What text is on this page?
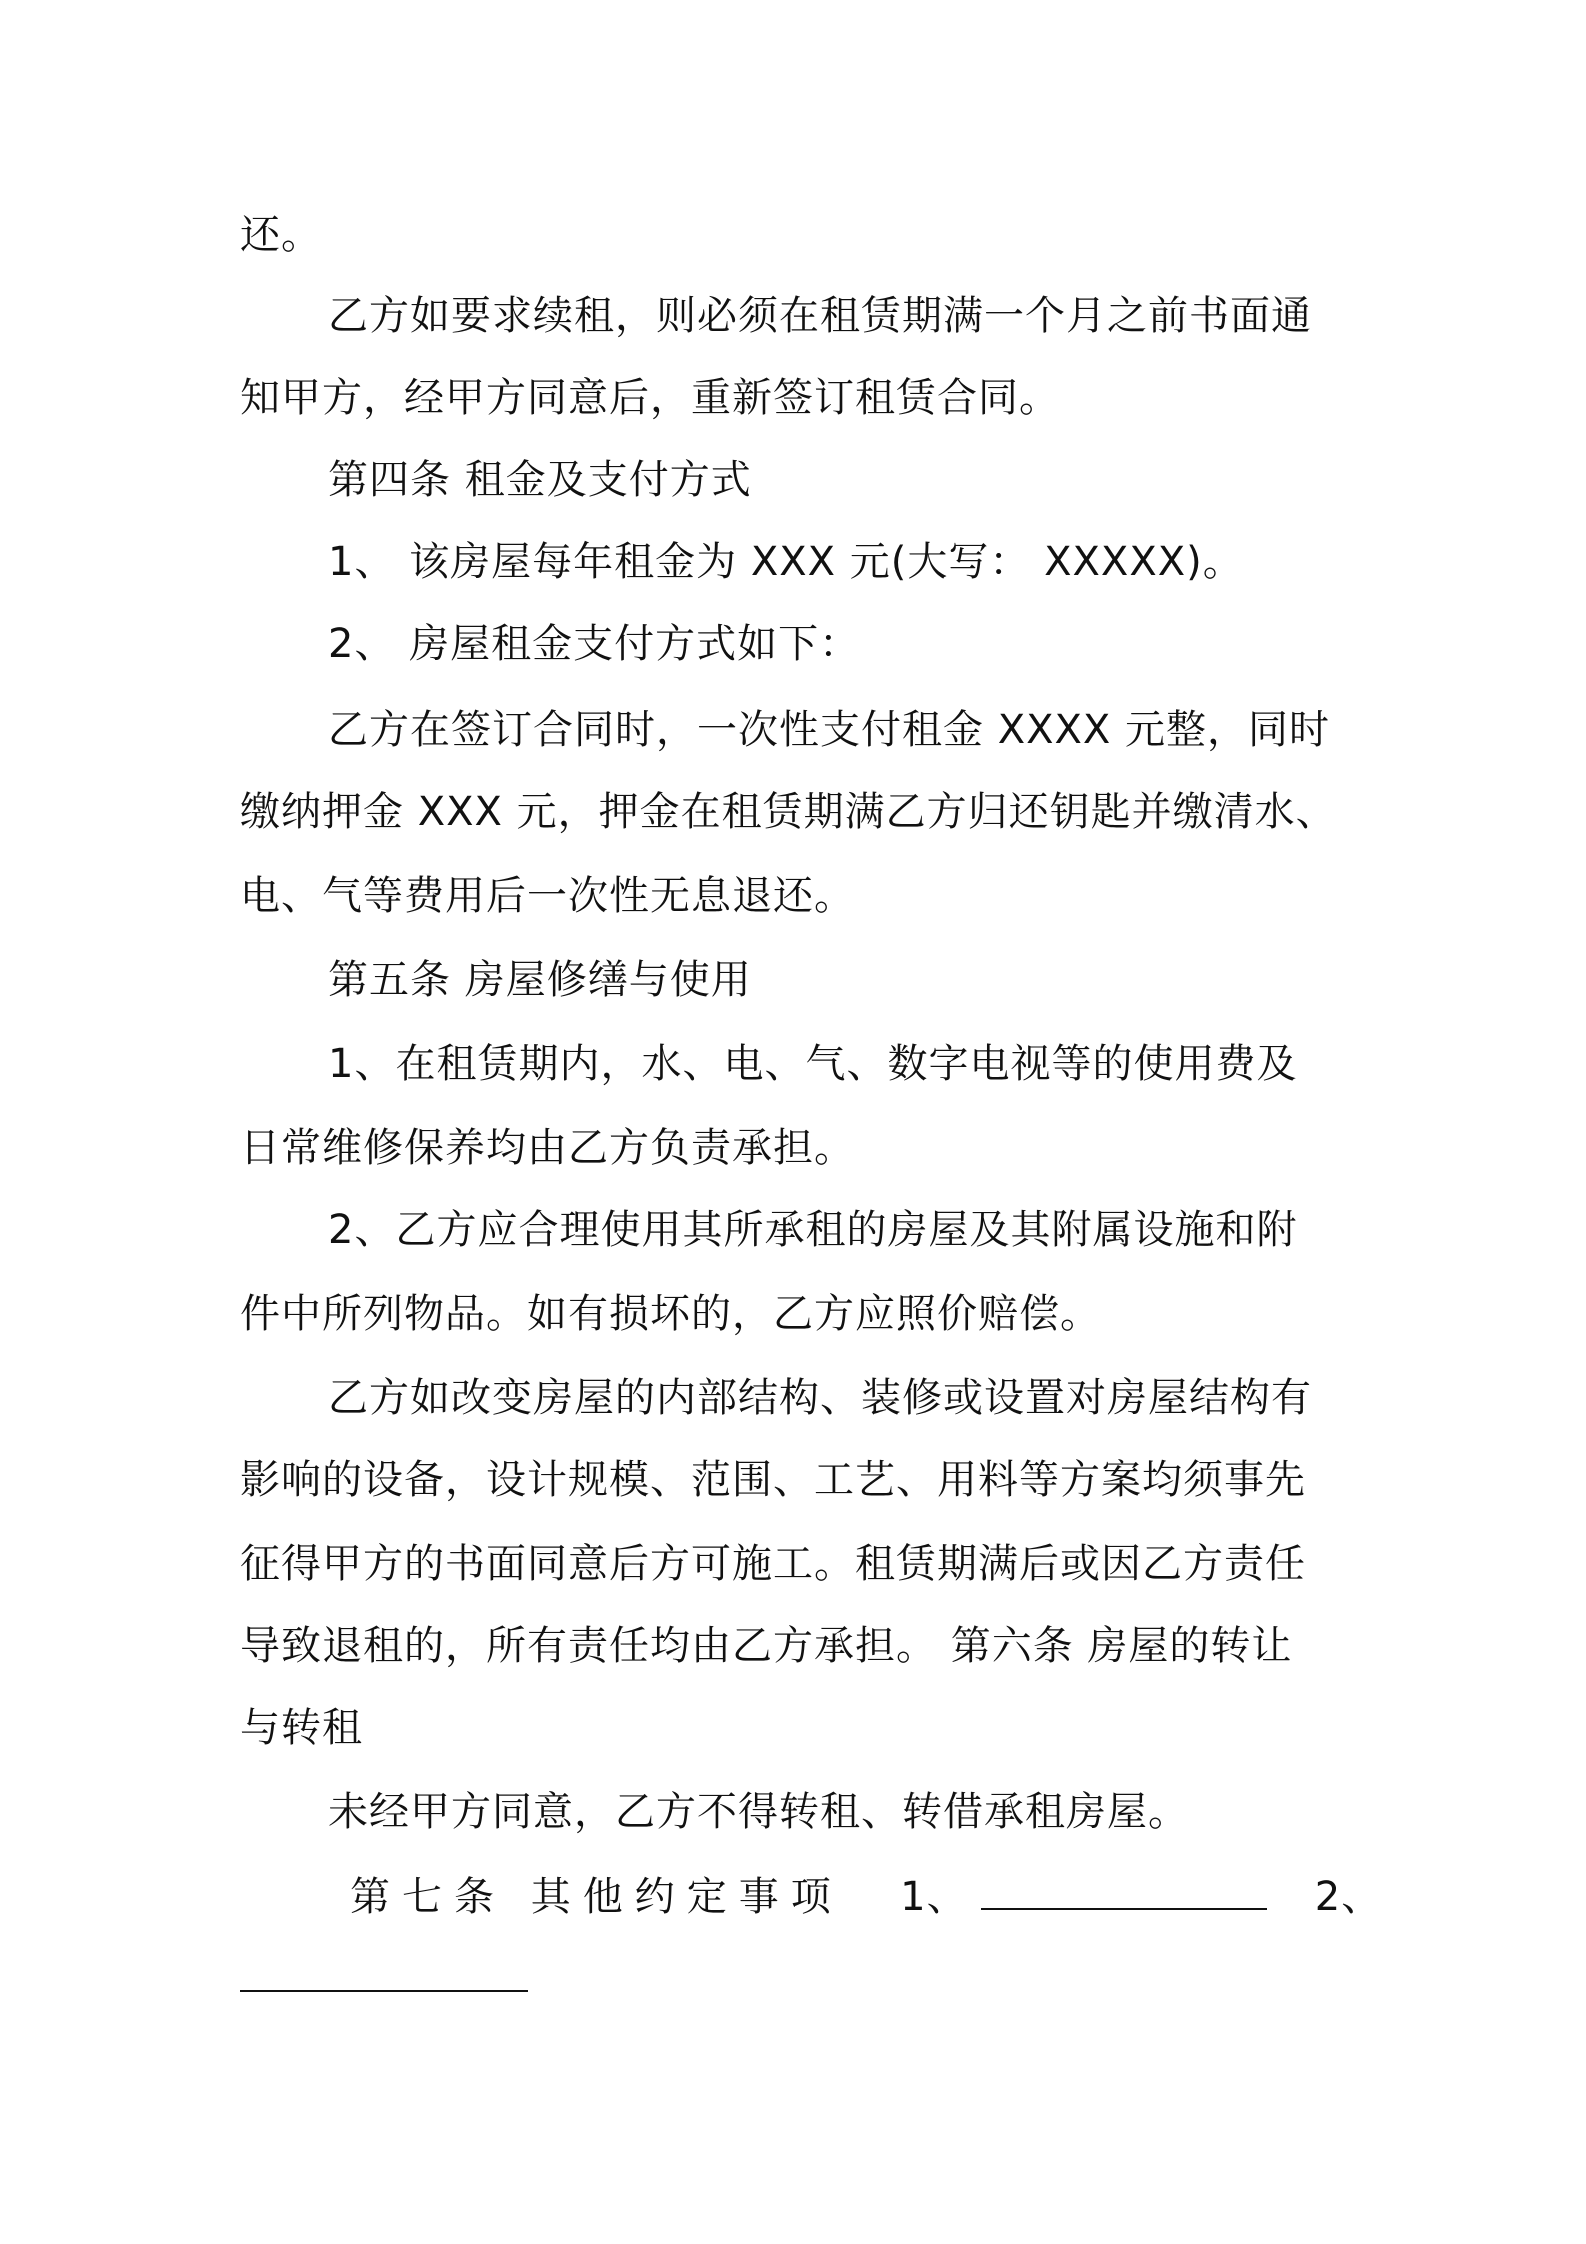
还。
乙方如要求续租，则必须在租赁期满一个月之前书面通
知甲方，经甲方同意后，重新签订租赁合同。
第四条 租金及支付方式
1、 该房屋每年租金为 XXX 元(大写： XXXXX)。
2、 房屋租金支付方式如下：
乙方在签订合同时，一次性支付租金 XXXX 元整，同时
缴纳押金 XXX 元，押金在租赁期满乙方归还钥匙并缴清水、
电、气等费用后一次性无息退还。
第五条 房屋修缮与使用
1、在租赁期内，水、电、气、数字电视等的使用费及
日常维修保养均由乙方负责承担。
2、乙方应合理使用其所承租的房屋及其附属设施和附
件中所列物品。如有损坏的，乙方应照价赔偿。
乙方如改变房屋的内部结构、装修或设置对房屋结构有
影响的设备，设计规模、范围、工艺、用料等方案均须事先
征得甲方的书面同意后方可施工。租赁期满后或因乙方责任
导致退租的，所有责任均由乙方承担。 第六条 房屋的转让
与转租
未经甲方同意，乙方不得转租、转借承租房屋。
第七条 其他约定事项 1、	2、
